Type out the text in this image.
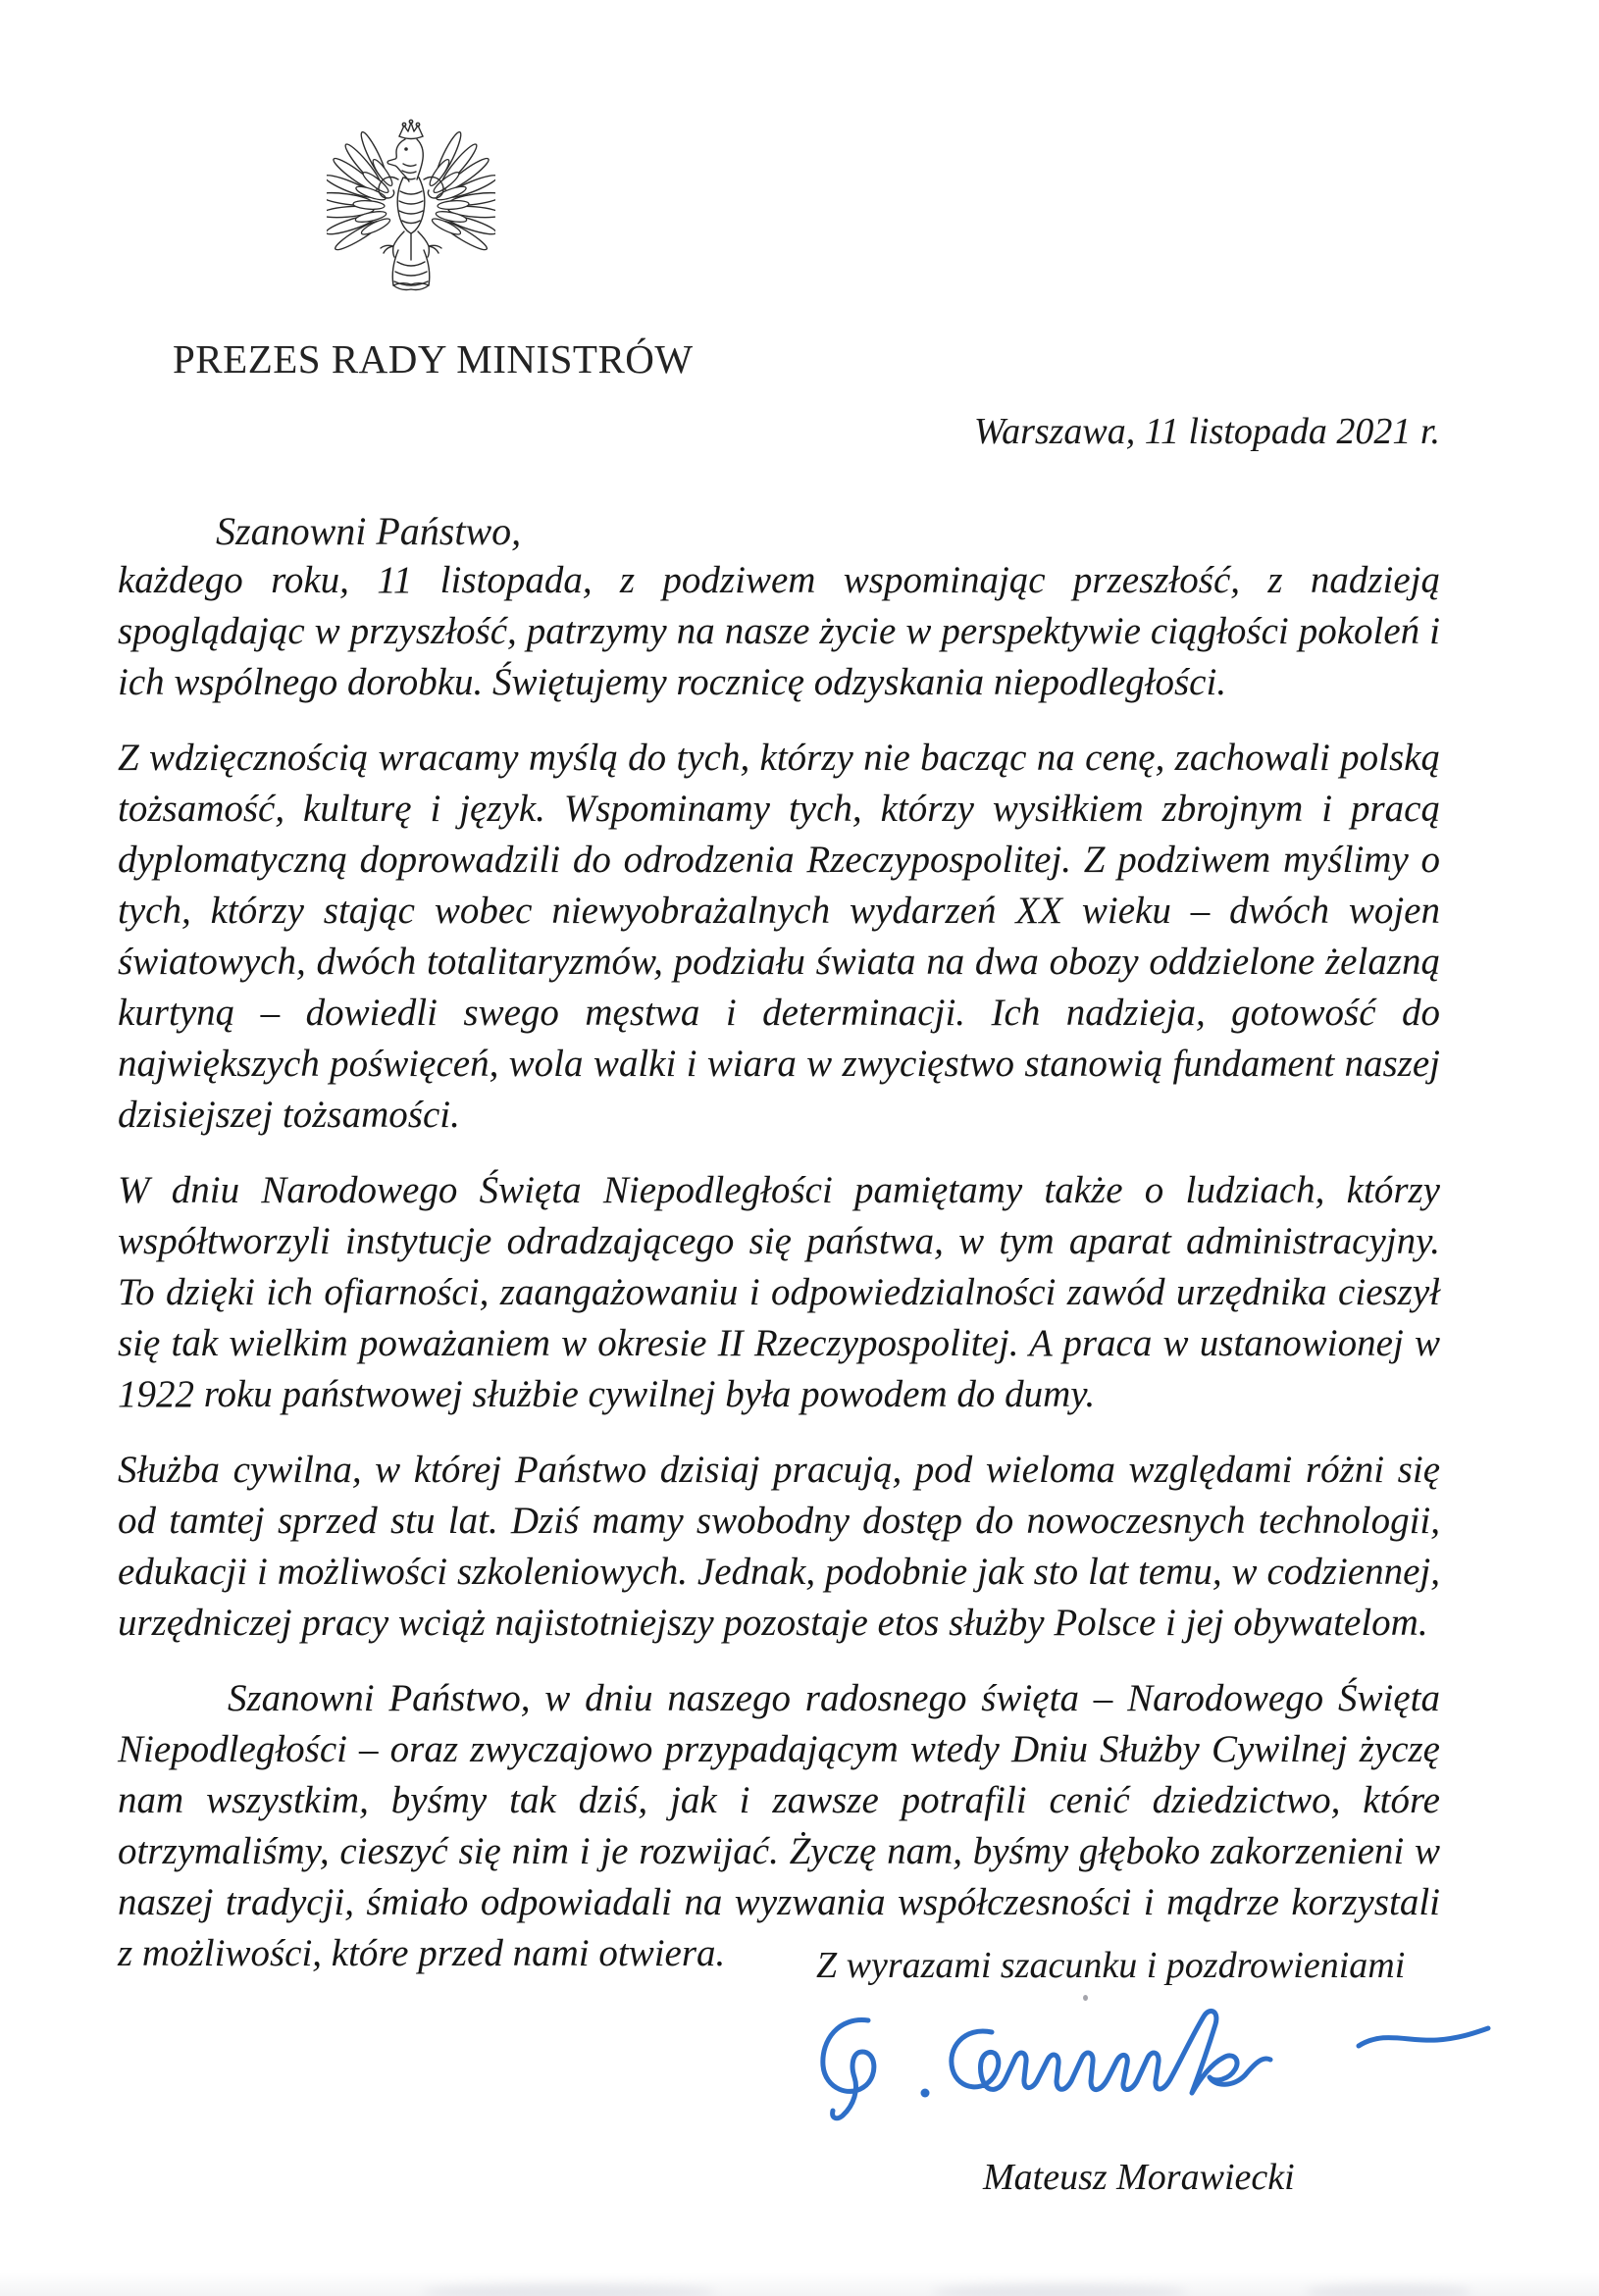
PREZES RADY MINISTRÓW
Warszawa, 11 listopada 2021 r.
Szanowni Państwo,

każdego roku, 11 listopada, z podziwem wspominając przeszłość, z nadzieją spoglądając w przyszłość, patrzymy na nasze życie w perspektywie ciągłości pokoleń i ich wspólnego dorobku. Świętujemy rocznicę odzyskania niepodległości.

Z wdzięcznością wracamy myślą do tych, którzy nie bacząc na cenę, zachowali polską tożsamość, kulturę i język. Wspominamy tych, którzy wysiłkiem zbrojnym i pracą dyplomatyczną doprowadzili do odrodzenia Rzeczypospolitej. Z podziwem myślimy o tych, którzy stając wobec niewyobrażalnych wydarzeń XX wieku – dwóch wojen światowych, dwóch totalitaryzmów, podziału świata na dwa obozy oddzielone żelazną kurtyną – dowiedli swego męstwa i determinacji. Ich nadzieja, gotowość do największych poświęceń, wola walki i wiara w zwycięstwo stanowią fundament naszej dzisiejszej tożsamości.

W dniu Narodowego Święta Niepodległości pamiętamy także o ludziach, którzy współtworzyli instytucje odradzającego się państwa, w tym aparat administracyjny. To dzięki ich ofiarności, zaangażowaniu i odpowiedzialności zawód urzędnika cieszył się tak wielkim poważaniem w okresie II Rzeczypospolitej. A praca w ustanowionej w 1922 roku państwowej służbie cywilnej była powodem do dumy.

Służba cywilna, w której Państwo dzisiaj pracują, pod wieloma względami różni się od tamtej sprzed stu lat. Dziś mamy swobodny dostęp do nowoczesnych technologii, edukacji i możliwości szkoleniowych. Jednak, podobnie jak sto lat temu, w codziennej, urzędniczej pracy wciąż najistotniejszy pozostaje etos służby Polsce i jej obywatelom.

Szanowni Państwo, w dniu naszego radosnego święta – Narodowego Święta Niepodległości – oraz zwyczajowo przypadającym wtedy Dniu Służby Cywilnej życzę nam wszystkim, byśmy tak dziś, jak i zawsze potrafili cenić dziedzictwo, które otrzymaliśmy, cieszyć się nim i je rozwijać. Życzę nam, byśmy głęboko zakorzenieni w naszej tradycji, śmiało odpowiadali na wyzwania współczesności i mądrze korzystali z możliwości, które przed nami otwiera.	Z wyrazami szacunku i pozdrowieniami
Mateusz Morawiecki
